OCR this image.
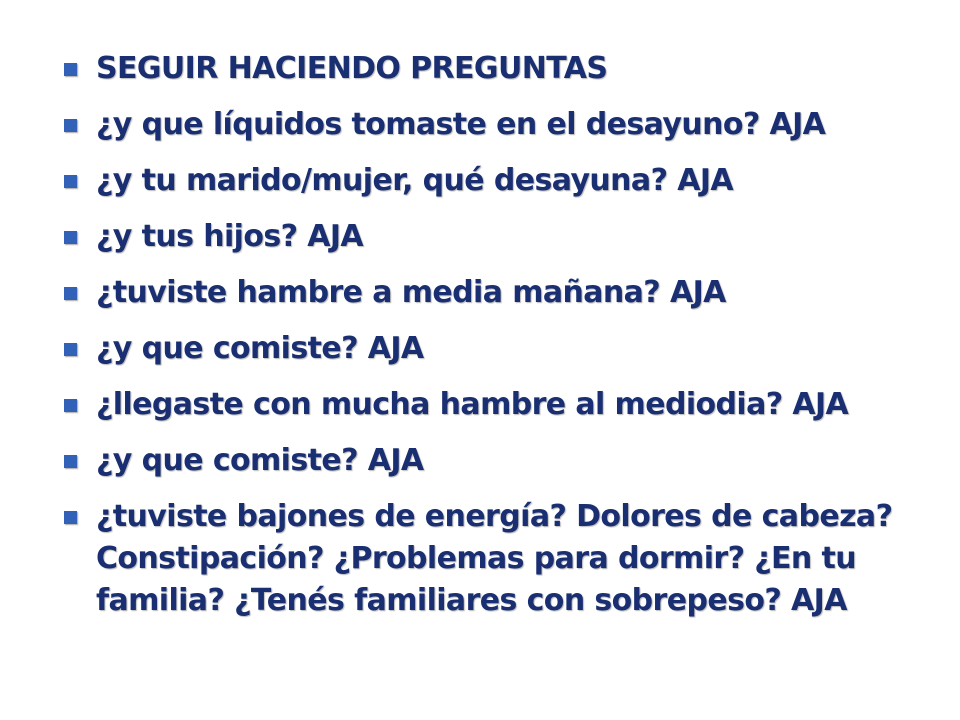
SEGUIR HACIENDO PREGUNTAS
¿y que líquidos tomaste en el desayuno? AJA
¿y tu marido/mujer, qué desayuna? AJA
¿y tus hijos? AJA
¿tuviste hambre a media mañana? AJA
¿y que comiste? AJA
¿llegaste con mucha hambre al mediodia? AJA
¿y que comiste? AJA
¿tuviste bajones de energía? Dolores de cabeza? Constipación? ¿Problemas para dormir? ¿En tu familia? ¿Tenés familiares con sobrepeso? AJA
